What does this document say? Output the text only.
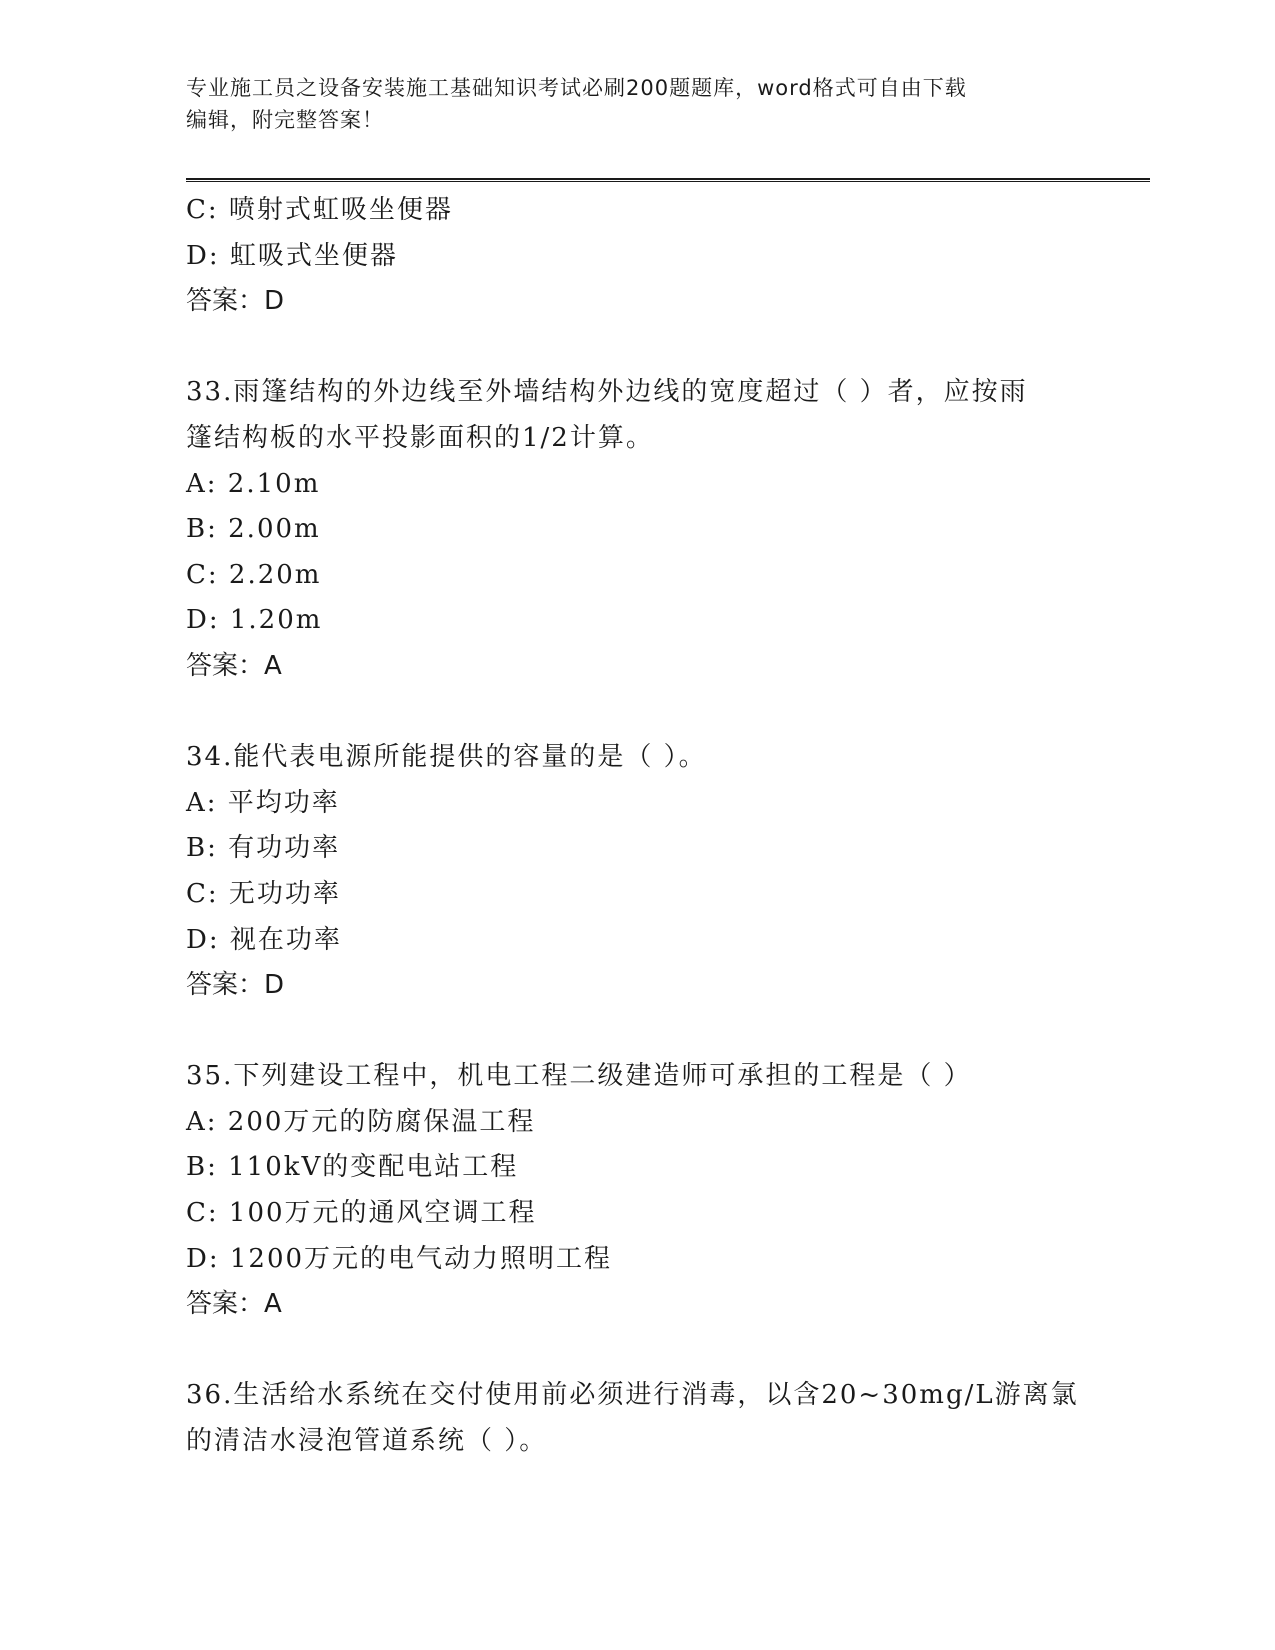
专业施工员之设备安装施工基础知识考试必刷200题题库，word格式可自由下载
编辑，附完整答案！
C: 喷射式虹吸坐便器
D: 虹吸式坐便器
答案：D
33.雨篷结构的外边线至外墙结构外边线的宽度超过（ ）者，应按雨
篷结构板的水平投影面积的1/2计算。
A: 2.10m
B: 2.00m
C: 2.20m
D: 1.20m
答案：A
34.能代表电源所能提供的容量的是（ ）。
A: 平均功率
B: 有功功率
C: 无功功率
D: 视在功率
答案：D
35.下列建设工程中，机电工程二级建造师可承担的工程是（ ）
A: 200万元的防腐保温工程
B: 110kV的变配电站工程
C: 100万元的通风空调工程
D: 1200万元的电气动力照明工程
答案：A
36.生活给水系统在交付使用前必须进行消毒，以含20~30mg/L游离氯
的清洁水浸泡管道系统（ ）。
